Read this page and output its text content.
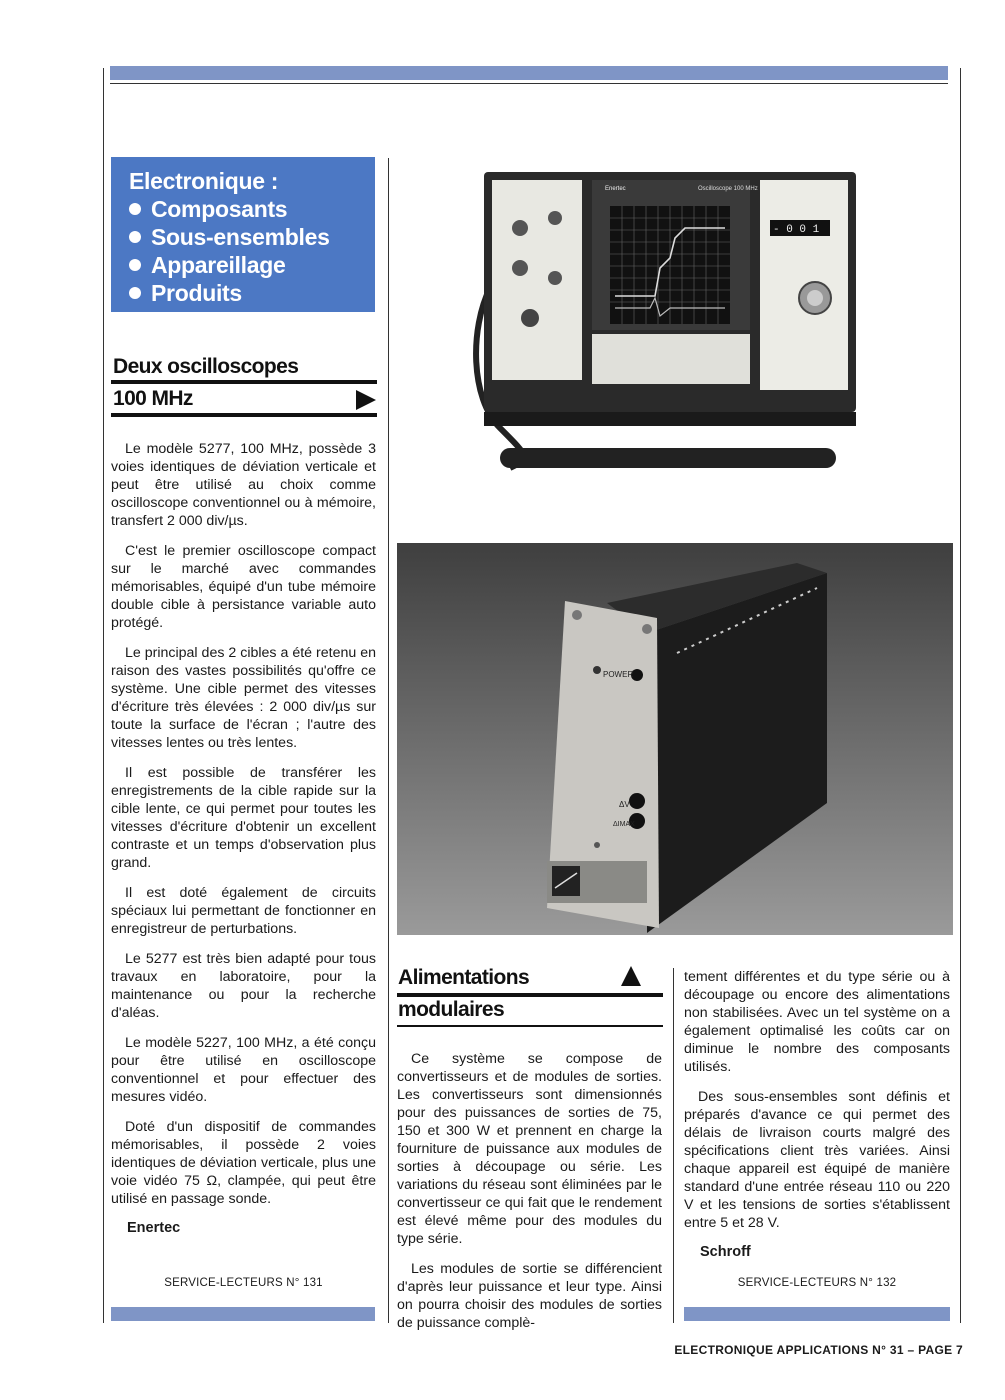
Electronique :
Composants
Sous-ensembles
Appareillage
Produits
Deux oscilloscopes
100 MHz

Le modèle 5277, 100 MHz, possède 3 voies identiques de déviation verticale et peut être utilisé au choix comme oscilloscope conventionnel ou à mémoire, transfert 2 000 div/µs.

C'est le premier oscilloscope compact sur le marché avec commandes mémorisables, équipé d'un tube mémoire double cible à persistance variable auto protégé.

Le principal des 2 cibles a été retenu en raison des vastes possibilités qu'offre ce système. Une cible permet des vitesses d'écriture très élevées : 2 000 div/µs sur toute la surface de l'écran ; l'autre des vitesses lentes ou très lentes.

Il est possible de transférer les enregistrements de la cible rapide sur la cible lente, ce qui permet pour toutes les vitesses d'écriture d'obtenir un excellent contraste et un temps d'observation plus grand.

Il est doté également de circuits spéciaux lui permettant de fonctionner en enregistreur de perturbations.

Le 5277 est très bien adapté pour tous travaux en laboratoire, pour la maintenance ou pour la recherche d'aléas.

Le modèle 5227, 100 MHz, a été conçu pour être utilisé en oscilloscope conventionnel et pour effectuer des mesures vidéo.

Doté d'un dispositif de commandes mémorisables, il possède 2 voies identiques de déviation verticale, plus une voie vidéo 75 Ω, clampée, qui peut être utilisé en passage sonde.

Enertec
SERVICE-LECTEURS N° 131
Oscilloscope 100 MHz
Enertec
- 0 0 1
POWER
ΔV
ΔIMAX
Alimentations
modulaires

Ce système se compose de convertisseurs et de modules de sorties. Les convertisseurs sont dimensionnés pour des puissances de sorties de 75, 150 et 300 W et prennent en charge la fourniture de puissance aux modules de sorties à découpage ou série. Les variations du réseau sont éliminées par le convertisseur ce qui fait que le rendement est élevé même pour des modules du type série.

Les modules de sortie se différencient d'après leur puissance et leur type. Ainsi on pourra choisir des modules de sorties de puissance complè-

tement différentes et du type série ou à découpage ou encore des alimentations non stabilisées. Avec un tel système on a également optimalisé les coûts car on diminue le nombre des composants utilisés.

Des sous-ensembles sont définis et préparés d'avance ce qui permet des délais de livraison courts malgré des spécifications client très variées. Ainsi chaque appareil est équipé de manière standard d'une entrée réseau 110 ou 220 V et les tensions de sorties s'établissent entre 5 et 28 V.

Schroff
SERVICE-LECTEURS N° 132
ELECTRONIQUE APPLICATIONS N° 31 – PAGE 7
